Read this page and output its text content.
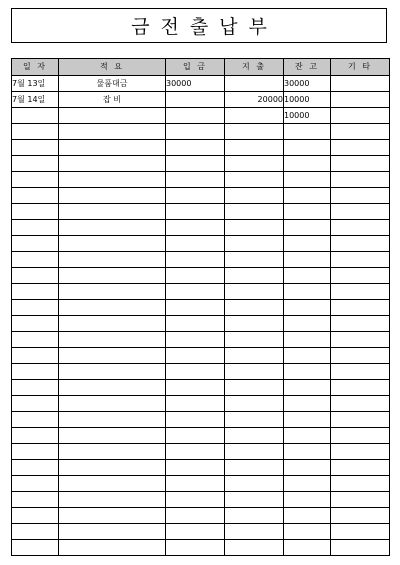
금전출납부
일 자	적 요	입 금	지 출	잔 고	기 타
7월 13일	물품대금	30000		30000	
7월 14일	잡 비		20000	10000	
				10000	
